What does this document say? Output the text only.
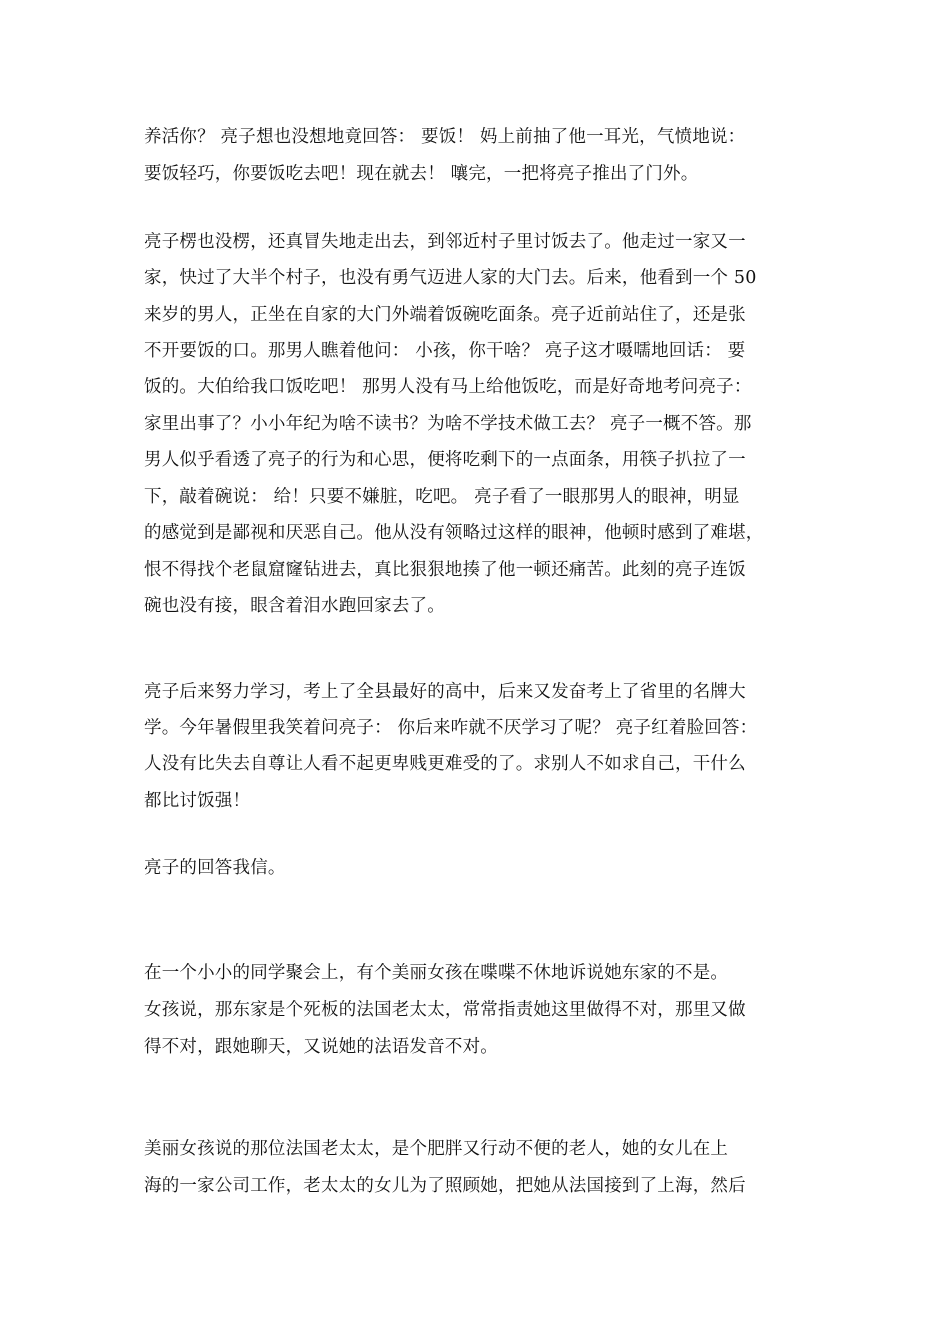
养活你？ 亮子想也没想地竟回答： 要饭！ 妈上前抽了他一耳光，气愤地说：
要饭轻巧，你要饭吃去吧！现在就去！ 嚷完，一把将亮子推出了门外。
亮子楞也没楞，还真冒失地走出去，到邻近村子里讨饭去了。他走过一家又一
家，快过了大半个村子，也没有勇气迈进人家的大门去。后来，他看到一个 50
来岁的男人，正坐在自家的大门外端着饭碗吃面条。亮子近前站住了，还是张
不开要饭的口。那男人瞧着他问： 小孩，你干啥？ 亮子这才嗫嚅地回话： 要
饭的。大伯给我口饭吃吧！ 那男人没有马上给他饭吃，而是好奇地考问亮子：
家里出事了？小小年纪为啥不读书？为啥不学技术做工去？ 亮子一概不答。那
男人似乎看透了亮子的行为和心思，便将吃剩下的一点面条，用筷子扒拉了一
下，敲着碗说： 给！只要不嫌脏，吃吧。 亮子看了一眼那男人的眼神，明显
的感觉到是鄙视和厌恶自己。他从没有领略过这样的眼神，他顿时感到了难堪，
恨不得找个老鼠窟窿钻进去，真比狠狠地揍了他一顿还痛苦。此刻的亮子连饭
碗也没有接，眼含着泪水跑回家去了。
亮子后来努力学习，考上了全县最好的高中，后来又发奋考上了省里的名牌大
学。今年暑假里我笑着问亮子： 你后来咋就不厌学习了呢？ 亮子红着脸回答：
人没有比失去自尊让人看不起更卑贱更难受的了。求别人不如求自己，干什么
都比讨饭强！
亮子的回答我信。
在一个小小的同学聚会上，有个美丽女孩在喋喋不休地诉说她东家的不是。
女孩说，那东家是个死板的法国老太太，常常指责她这里做得不对，那里又做
得不对，跟她聊天，又说她的法语发音不对。
美丽女孩说的那位法国老太太，是个肥胖又行动不便的老人，她的女儿在上
海的一家公司工作，老太太的女儿为了照顾她，把她从法国接到了上海，然后
